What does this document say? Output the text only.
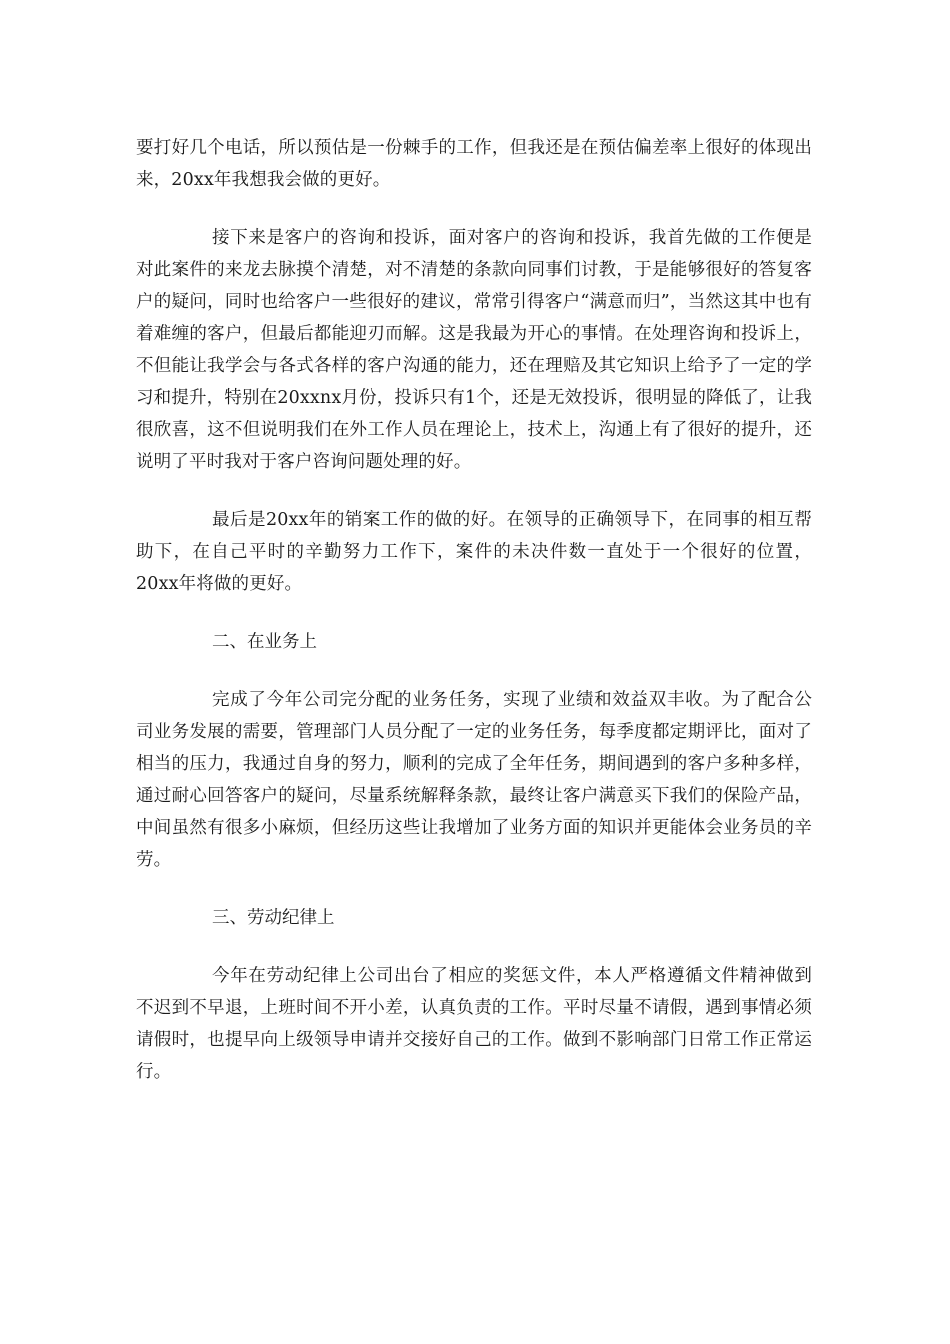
要打好几个电话，所以预估是一份棘手的工作，但我还是在预估偏差率上很好的体现出来，20xx年我想我会做的更好。

接下来是客户的咨询和投诉，面对客户的咨询和投诉，我首先做的工作便是对此案件的来龙去脉摸个清楚，对不清楚的条款向同事们讨教，于是能够很好的答复客户的疑问，同时也给客户一些很好的建议，常常引得客户“满意而归”，当然这其中也有着难缠的客户，但最后都能迎刃而解。这是我最为开心的事情。在处理咨询和投诉上，不但能让我学会与各式各样的客户沟通的能力，还在理赔及其它知识上给予了一定的学习和提升，特别在20xxnx月份，投诉只有1个，还是无效投诉，很明显的降低了，让我很欣喜，这不但说明我们在外工作人员在理论上，技术上，沟通上有了很好的提升，还说明了平时我对于客户咨询问题处理的好。

最后是20xx年的销案工作的做的好。在领导的正确领导下，在同事的相互帮助下，在自己平时的辛勤努力工作下，案件的未决件数一直处于一个很好的位置，20xx年将做的更好。

二、在业务上

完成了今年公司完分配的业务任务，实现了业绩和效益双丰收。为了配合公司业务发展的需要，管理部门人员分配了一定的业务任务，每季度都定期评比，面对了相当的压力，我通过自身的努力，顺利的完成了全年任务，期间遇到的客户多种多样，通过耐心回答客户的疑问，尽量系统解释条款，最终让客户满意买下我们的保险产品，中间虽然有很多小麻烦，但经历这些让我增加了业务方面的知识并更能体会业务员的辛劳。

三、劳动纪律上

今年在劳动纪律上公司出台了相应的奖惩文件，本人严格遵循文件精神做到不迟到不早退，上班时间不开小差，认真负责的工作。平时尽量不请假，遇到事情必须请假时，也提早向上级领导申请并交接好自己的工作。做到不影响部门日常工作正常运行。
